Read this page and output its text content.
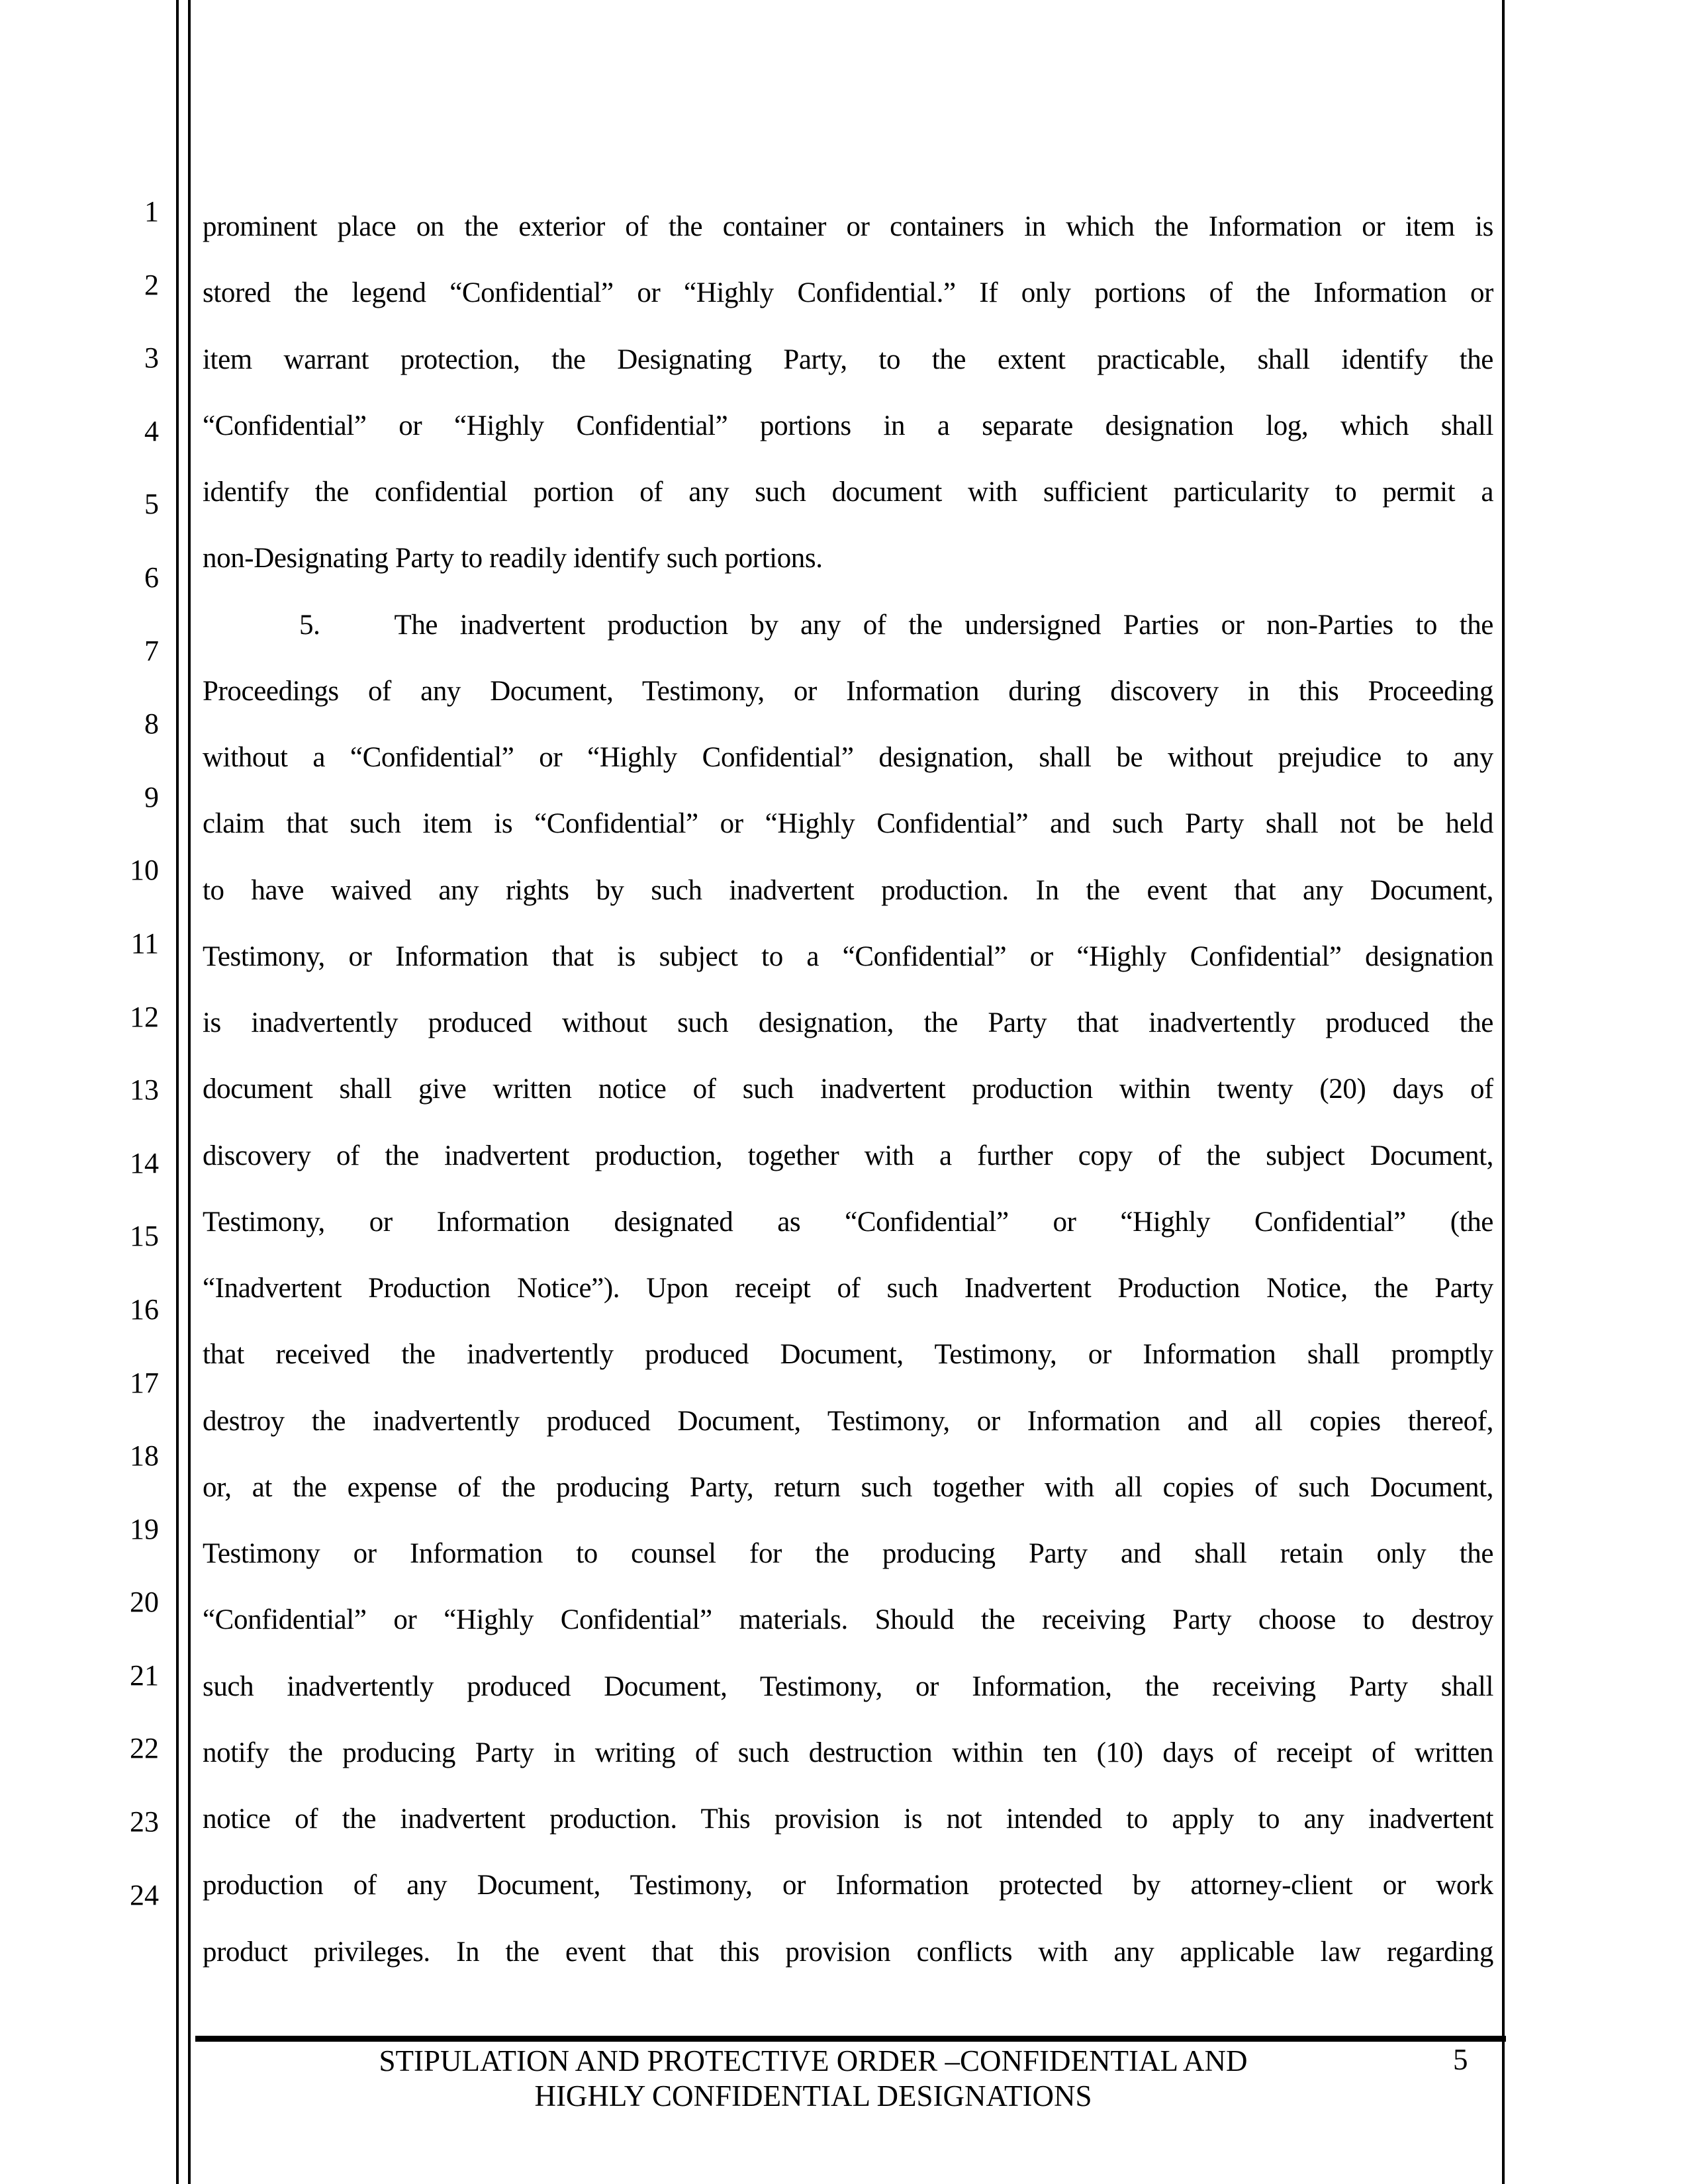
1
2
3
4
5
6
7
8
9
10
11
12
13
14
15
16
17
18
19
20
21
22
23
24
prominent place on the exterior of the container or containers in which the Information or item is
stored the legend “Confidential” or “Highly Confidential.” If only portions of the Information or
item warrant protection, the Designating Party, to the extent practicable, shall identify the
“Confidential” or “Highly Confidential” portions in a separate designation log, which shall
identify the confidential portion of any such document with sufficient particularity to permit a
non-Designating Party to readily identify such portions.
5.	The inadvertent production by any of the undersigned Parties or non-Parties to the
Proceedings of any Document, Testimony, or Information during discovery in this Proceeding
without a “Confidential” or “Highly Confidential” designation, shall be without prejudice to any
claim that such item is “Confidential” or “Highly Confidential” and such Party shall not be held
to have waived any rights by such inadvertent production. In the event that any Document,
Testimony, or Information that is subject to a “Confidential” or “Highly Confidential” designation
is inadvertently produced without such designation, the Party that inadvertently produced the
document shall give written notice of such inadvertent production within twenty (20) days of
discovery of the inadvertent production, together with a further copy of the subject Document,
Testimony, or Information designated as “Confidential” or “Highly Confidential” (the
“Inadvertent Production Notice”). Upon receipt of such Inadvertent Production Notice, the Party
that received the inadvertently produced Document, Testimony, or Information shall promptly
destroy the inadvertently produced Document, Testimony, or Information and all copies thereof,
or, at the expense of the producing Party, return such together with all copies of such Document,
Testimony or Information to counsel for the producing Party and shall retain only the
“Confidential” or “Highly Confidential” materials. Should the receiving Party choose to destroy
such inadvertently produced Document, Testimony, or Information, the receiving Party shall
notify the producing Party in writing of such destruction within ten (10) days of receipt of written
notice of the inadvertent production. This provision is not intended to apply to any inadvertent
production of any Document, Testimony, or Information protected by attorney-client or work
product privileges. In the event that this provision conflicts with any applicable law regarding
STIPULATION AND PROTECTIVE ORDER –CONFIDENTIAL AND
HIGHLY CONFIDENTIAL DESIGNATIONS
5
